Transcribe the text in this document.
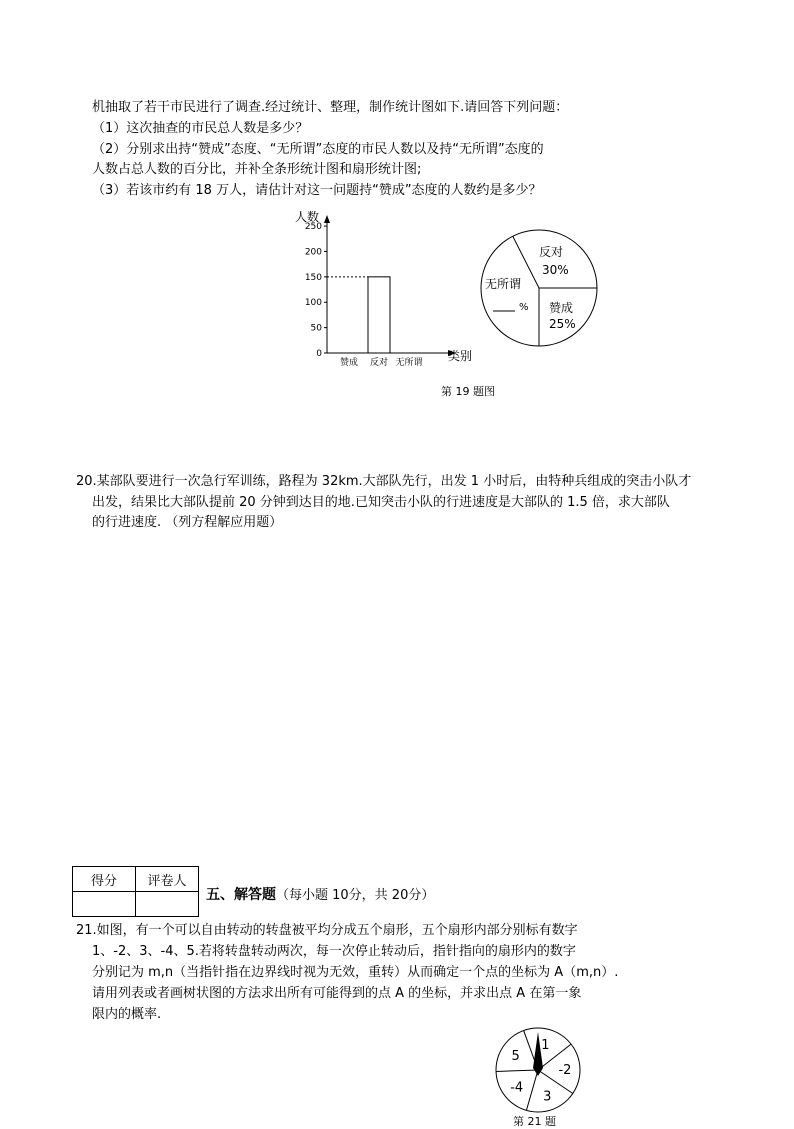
机抽取了若干市民进行了调查.经过统计、整理，制作统计图如下.请回答下列问题：
（1）这次抽查的市民总人数是多少？
（2）分别求出持“赞成”态度、“无所谓”态度的市民人数以及持“无所谓”态度的
人数占总人数的百分比，并补全条形统计图和扇形统计图;
（3）若该市约有 18 万人，请估计对这一问题持“赞成”态度的人数约是多少？
人数
类别
0
50
100
150
200
250
赞成 反对 无所谓
反对
30%
赞成
25%
无所谓
%
第 19 题图
20.某部队要进行一次急行军训练，路程为 32km.大部队先行，出发 1 小时后，由特种兵组成的突击小队才
出发，结果比大部队提前 20 分钟到达目的地.已知突击小队的行进速度是大部队的 1.5 倍，求大部队
的行进速度. （列方程解应用题）
得分	评卷人

五、解答题（每小题 10分，共 20分）
21.如图，有一个可以自由转动的转盘被平均分成五个扇形，五个扇形内部分别标有数字
1、-2、3、-4、5.若将转盘转动两次，每一次停止转动后，指针指向的扇形内的数字
分别记为 m,n（当指针指在边界线时视为无效，重转）从而确定一个点的坐标为 A（m,n）.
请用列表或者画树状图的方法求出所有可能得到的点 A 的坐标，并求出点 A 在第一象
限内的概率.
1
-2
3
-4
5
第 21 题
